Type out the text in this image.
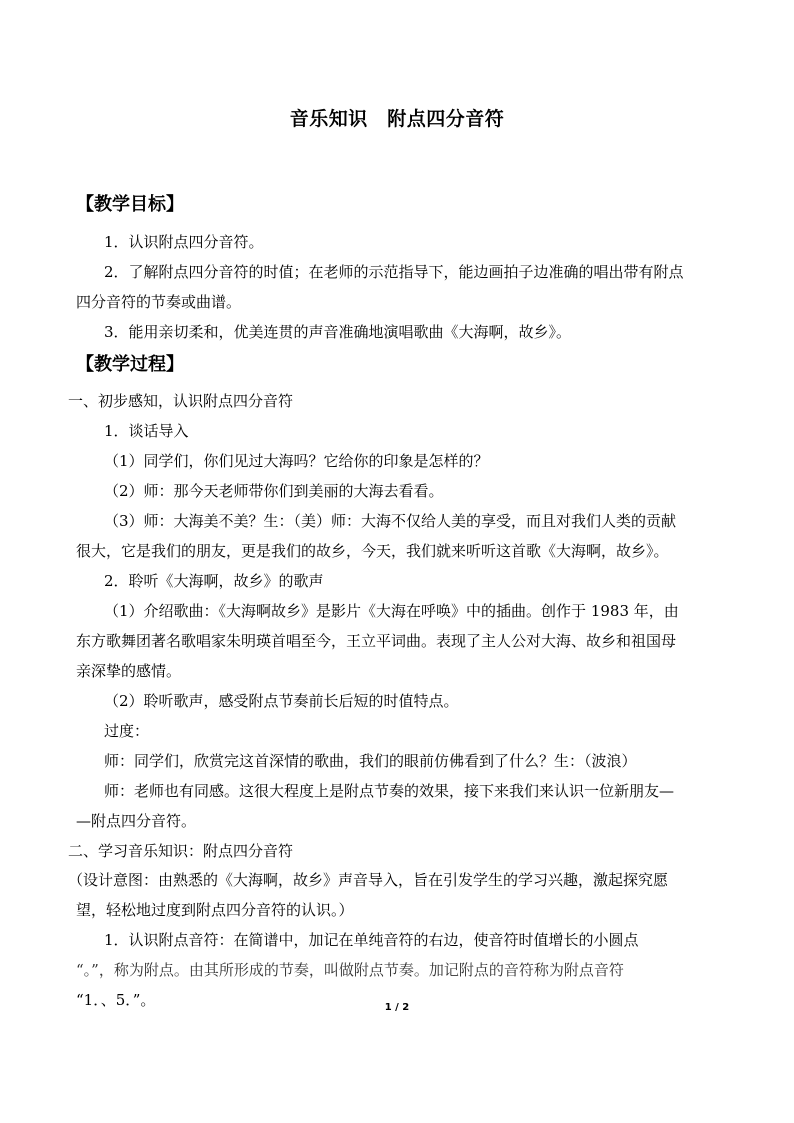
音乐知识　附点四分音符
【教学目标】
1．认识附点四分音符。
2．了解附点四分音符的时值；在老师的示范指导下，能边画拍子边准确的唱出带有附点
四分音符的节奏或曲谱。
3．能用亲切柔和，优美连贯的声音准确地演唱歌曲《大海啊，故乡》。
【教学过程】
一、初步感知，认识附点四分音符
1．谈话导入
（1）同学们，你们见过大海吗？它给你的印象是怎样的？
（2）师：那今天老师带你们到美丽的大海去看看。
（3）师：大海美不美？生：（美）师：大海不仅给人美的享受，而且对我们人类的贡献
很大，它是我们的朋友，更是我们的故乡，今天，我们就来听听这首歌《大海啊，故乡》。
2．聆听《大海啊，故乡》的歌声
（1）介绍歌曲：《大海啊故乡》是影片《大海在呼唤》中的插曲。创作于 1983 年，由
东方歌舞团著名歌唱家朱明瑛首唱至今，王立平词曲。表现了主人公对大海、故乡和祖国母
亲深挚的感情。
（2）聆听歌声，感受附点节奏前长后短的时值特点。
过度：
师：同学们，欣赏完这首深情的歌曲，我们的眼前仿佛看到了什么？生：（波浪）
师：老师也有同感。这很大程度上是附点节奏的效果，接下来我们来认识一位新朋友—
—附点四分音符。
二、学习音乐知识：附点四分音符
（设计意图：由熟悉的《大海啊，故乡》声音导入，旨在引发学生的学习兴趣，激起探究愿
望，轻松地过度到附点四分音符的认识。）
1．认识附点音符：在简谱中，加记在单纯音符的右边，使音符时值增长的小圆点
“。”，称为附点。由其所形成的节奏，叫做附点节奏。加记附点的音符称为附点音符
“1．、5．”。	1 / 2
